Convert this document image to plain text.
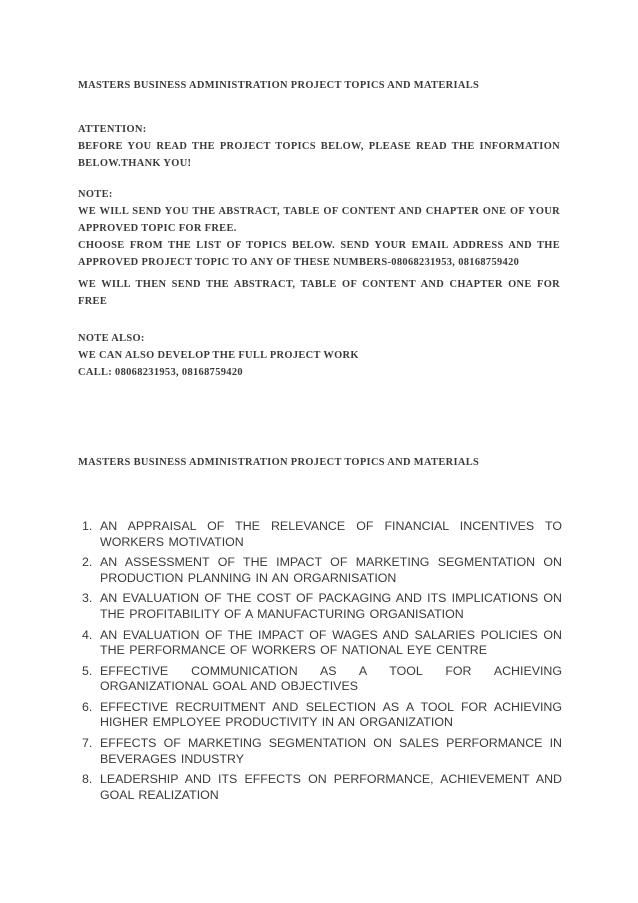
MASTERS BUSINESS ADMINISTRATION PROJECT TOPICS AND MATERIALS

ATTENTION:

BEFORE YOU READ THE PROJECT TOPICS BELOW, PLEASE READ THE INFORMATION BELOW.THANK YOU!

NOTE:

WE WILL SEND YOU THE ABSTRACT, TABLE OF CONTENT AND CHAPTER ONE OF YOUR APPROVED TOPIC FOR FREE.

CHOOSE FROM THE LIST OF TOPICS BELOW. SEND YOUR EMAIL ADDRESS AND THE APPROVED PROJECT TOPIC TO ANY OF THESE NUMBERS-08068231953, 08168759420

WE WILL THEN SEND THE ABSTRACT, TABLE OF CONTENT AND CHAPTER ONE FOR FREE

NOTE ALSO:

WE CAN ALSO DEVELOP THE FULL PROJECT WORK

CALL: 08068231953, 08168759420

MASTERS BUSINESS ADMINISTRATION PROJECT TOPICS AND MATERIALS

1. AN APPRAISAL OF THE RELEVANCE OF FINANCIAL INCENTIVES TO WORKERS MOTIVATION
2. AN ASSESSMENT OF THE IMPACT OF MARKETING SEGMENTATION ON PRODUCTION PLANNING IN AN ORGARNISATION
3. AN EVALUATION OF THE COST OF PACKAGING AND ITS IMPLICATIONS ON THE PROFITABILITY OF A MANUFACTURING ORGANISATION
4. AN EVALUATION OF THE IMPACT OF WAGES AND SALARIES POLICIES ON THE PERFORMANCE OF WORKERS OF NATIONAL EYE CENTRE
5. EFFECTIVE COMMUNICATION AS A TOOL FOR ACHIEVING ORGANIZATIONAL GOAL AND OBJECTIVES
6. EFFECTIVE RECRUITMENT AND SELECTION AS A TOOL FOR ACHIEVING HIGHER EMPLOYEE PRODUCTIVITY IN AN ORGANIZATION
7. EFFECTS OF MARKETING SEGMENTATION ON SALES PERFORMANCE IN BEVERAGES INDUSTRY
8. LEADERSHIP AND ITS EFFECTS ON PERFORMANCE, ACHIEVEMENT AND GOAL REALIZATION
